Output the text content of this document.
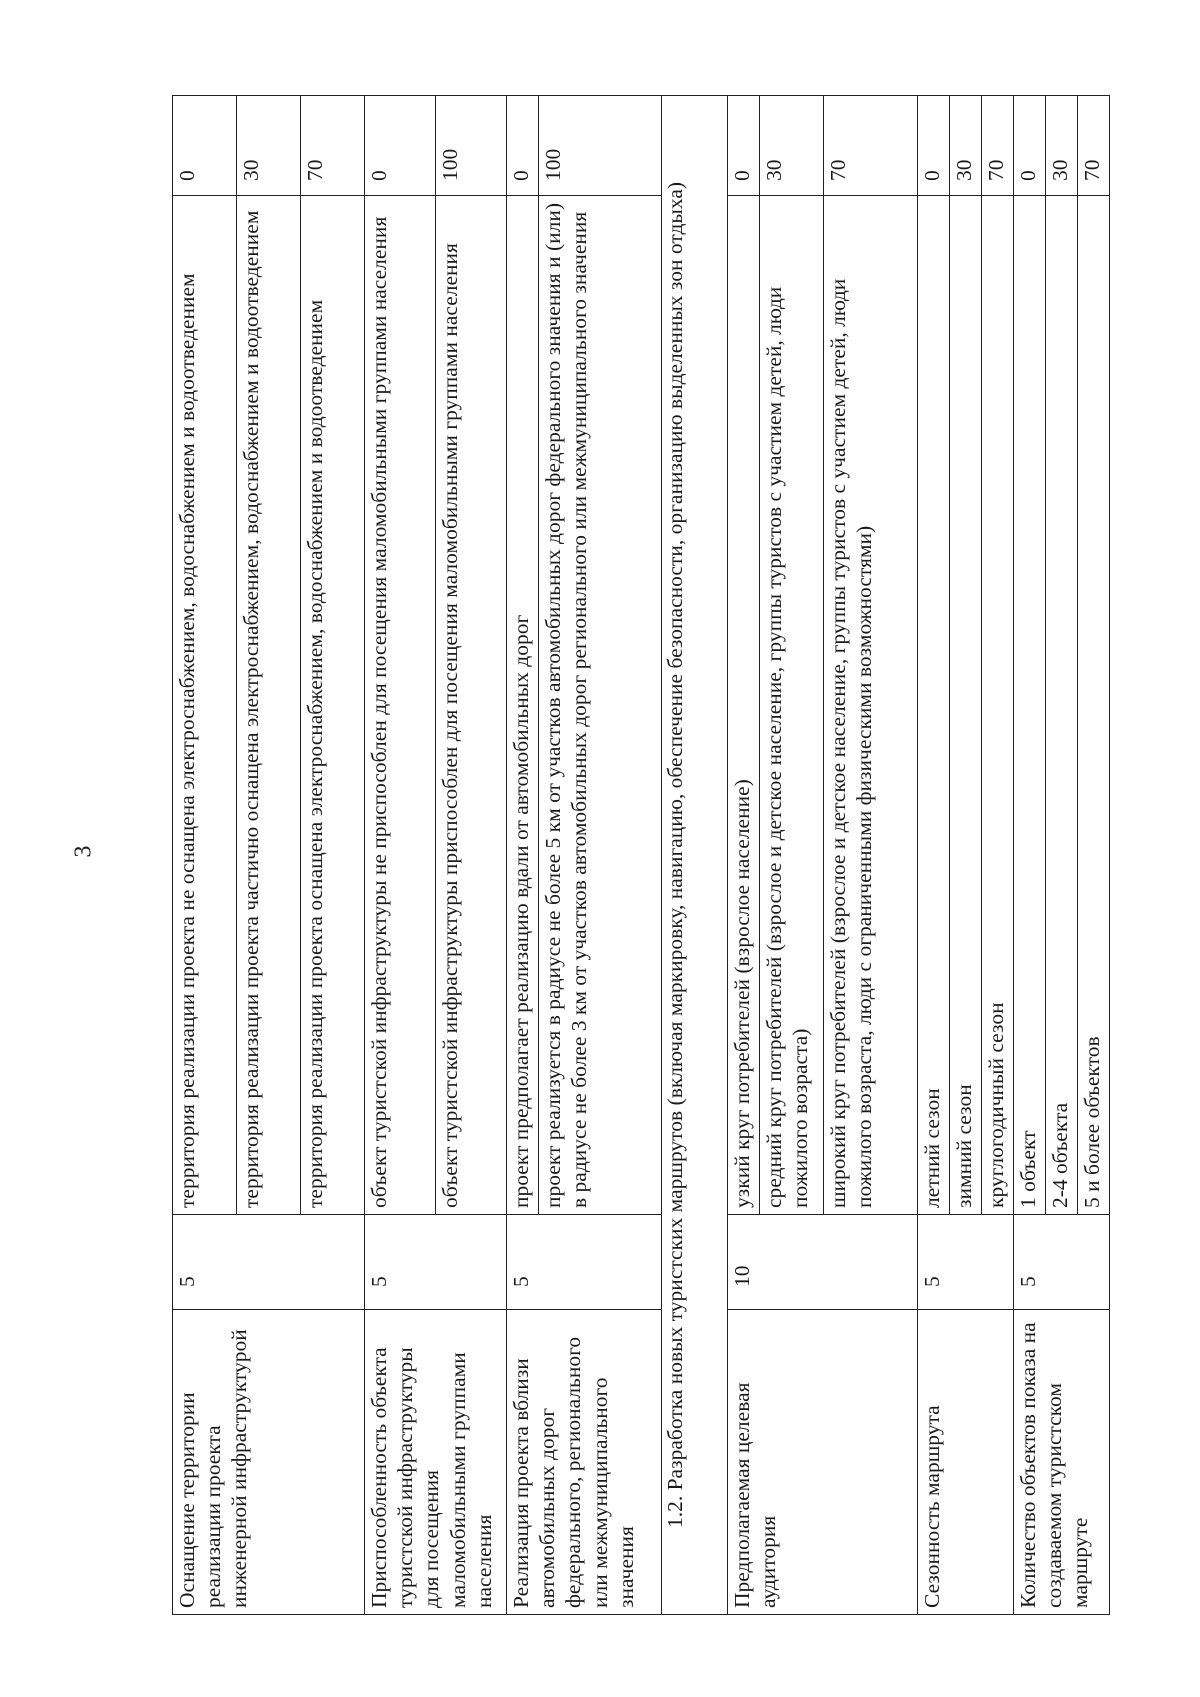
3
Оснащение территории реализации проекта инженерной инфраструктурой	5	территория реализации проекта не оснащена электроснабжением, водоснабжением и водоотведением	0
		территория реализации проекта частично оснащена электроснабжением, водоснабжением и водоотведением	30
		территория реализации проекта оснащена электроснабжением, водоснабжением и водоотведением	70
Приспособленность объекта туристской инфраструктуры для посещения маломобильными группами населения	5	объект туристской инфраструктуры не приспособлен для посещения маломобильными группами населения	0
		объект туристской инфраструктуры приспособлен для посещения маломобильными группами населения	100
Реализация проекта вблизи автомобильных дорог федерального, регионального или межмуниципального значения	5	проект предполагает реализацию вдали от автомобильных дорог	0
		проект реализуется в радиусе не более 5 км от участков автомобильных дорог федерального значения и (или) в радиусе не более 3 км от участков автомобильных дорог регионального или межмуниципального значения	100
1.2. Разработка новых туристских маршрутов (включая маркировку, навигацию, обеспечение безопасности, организацию выделенных зон отдыха)			
Предполагаемая целевая аудитория	10	узкий круг потребителей (взрослое население)	0
		средний круг потребителей (взрослое и детское население, группы туристов с участием детей, люди пожилого возраста)	30
		широкий круг потребителей (взрослое и детское население, группы туристов с участием детей, люди пожилого возраста, люди с ограниченными физическими возможностями)	70
Сезонность маршрута	5	летний сезон	0
		зимний сезон	30
		круглогодичный сезон	70
Количество объектов показа на создаваемом туристском маршруте	5	1 объект	0
		2-4 объекта	30
		5 и более объектов	70
